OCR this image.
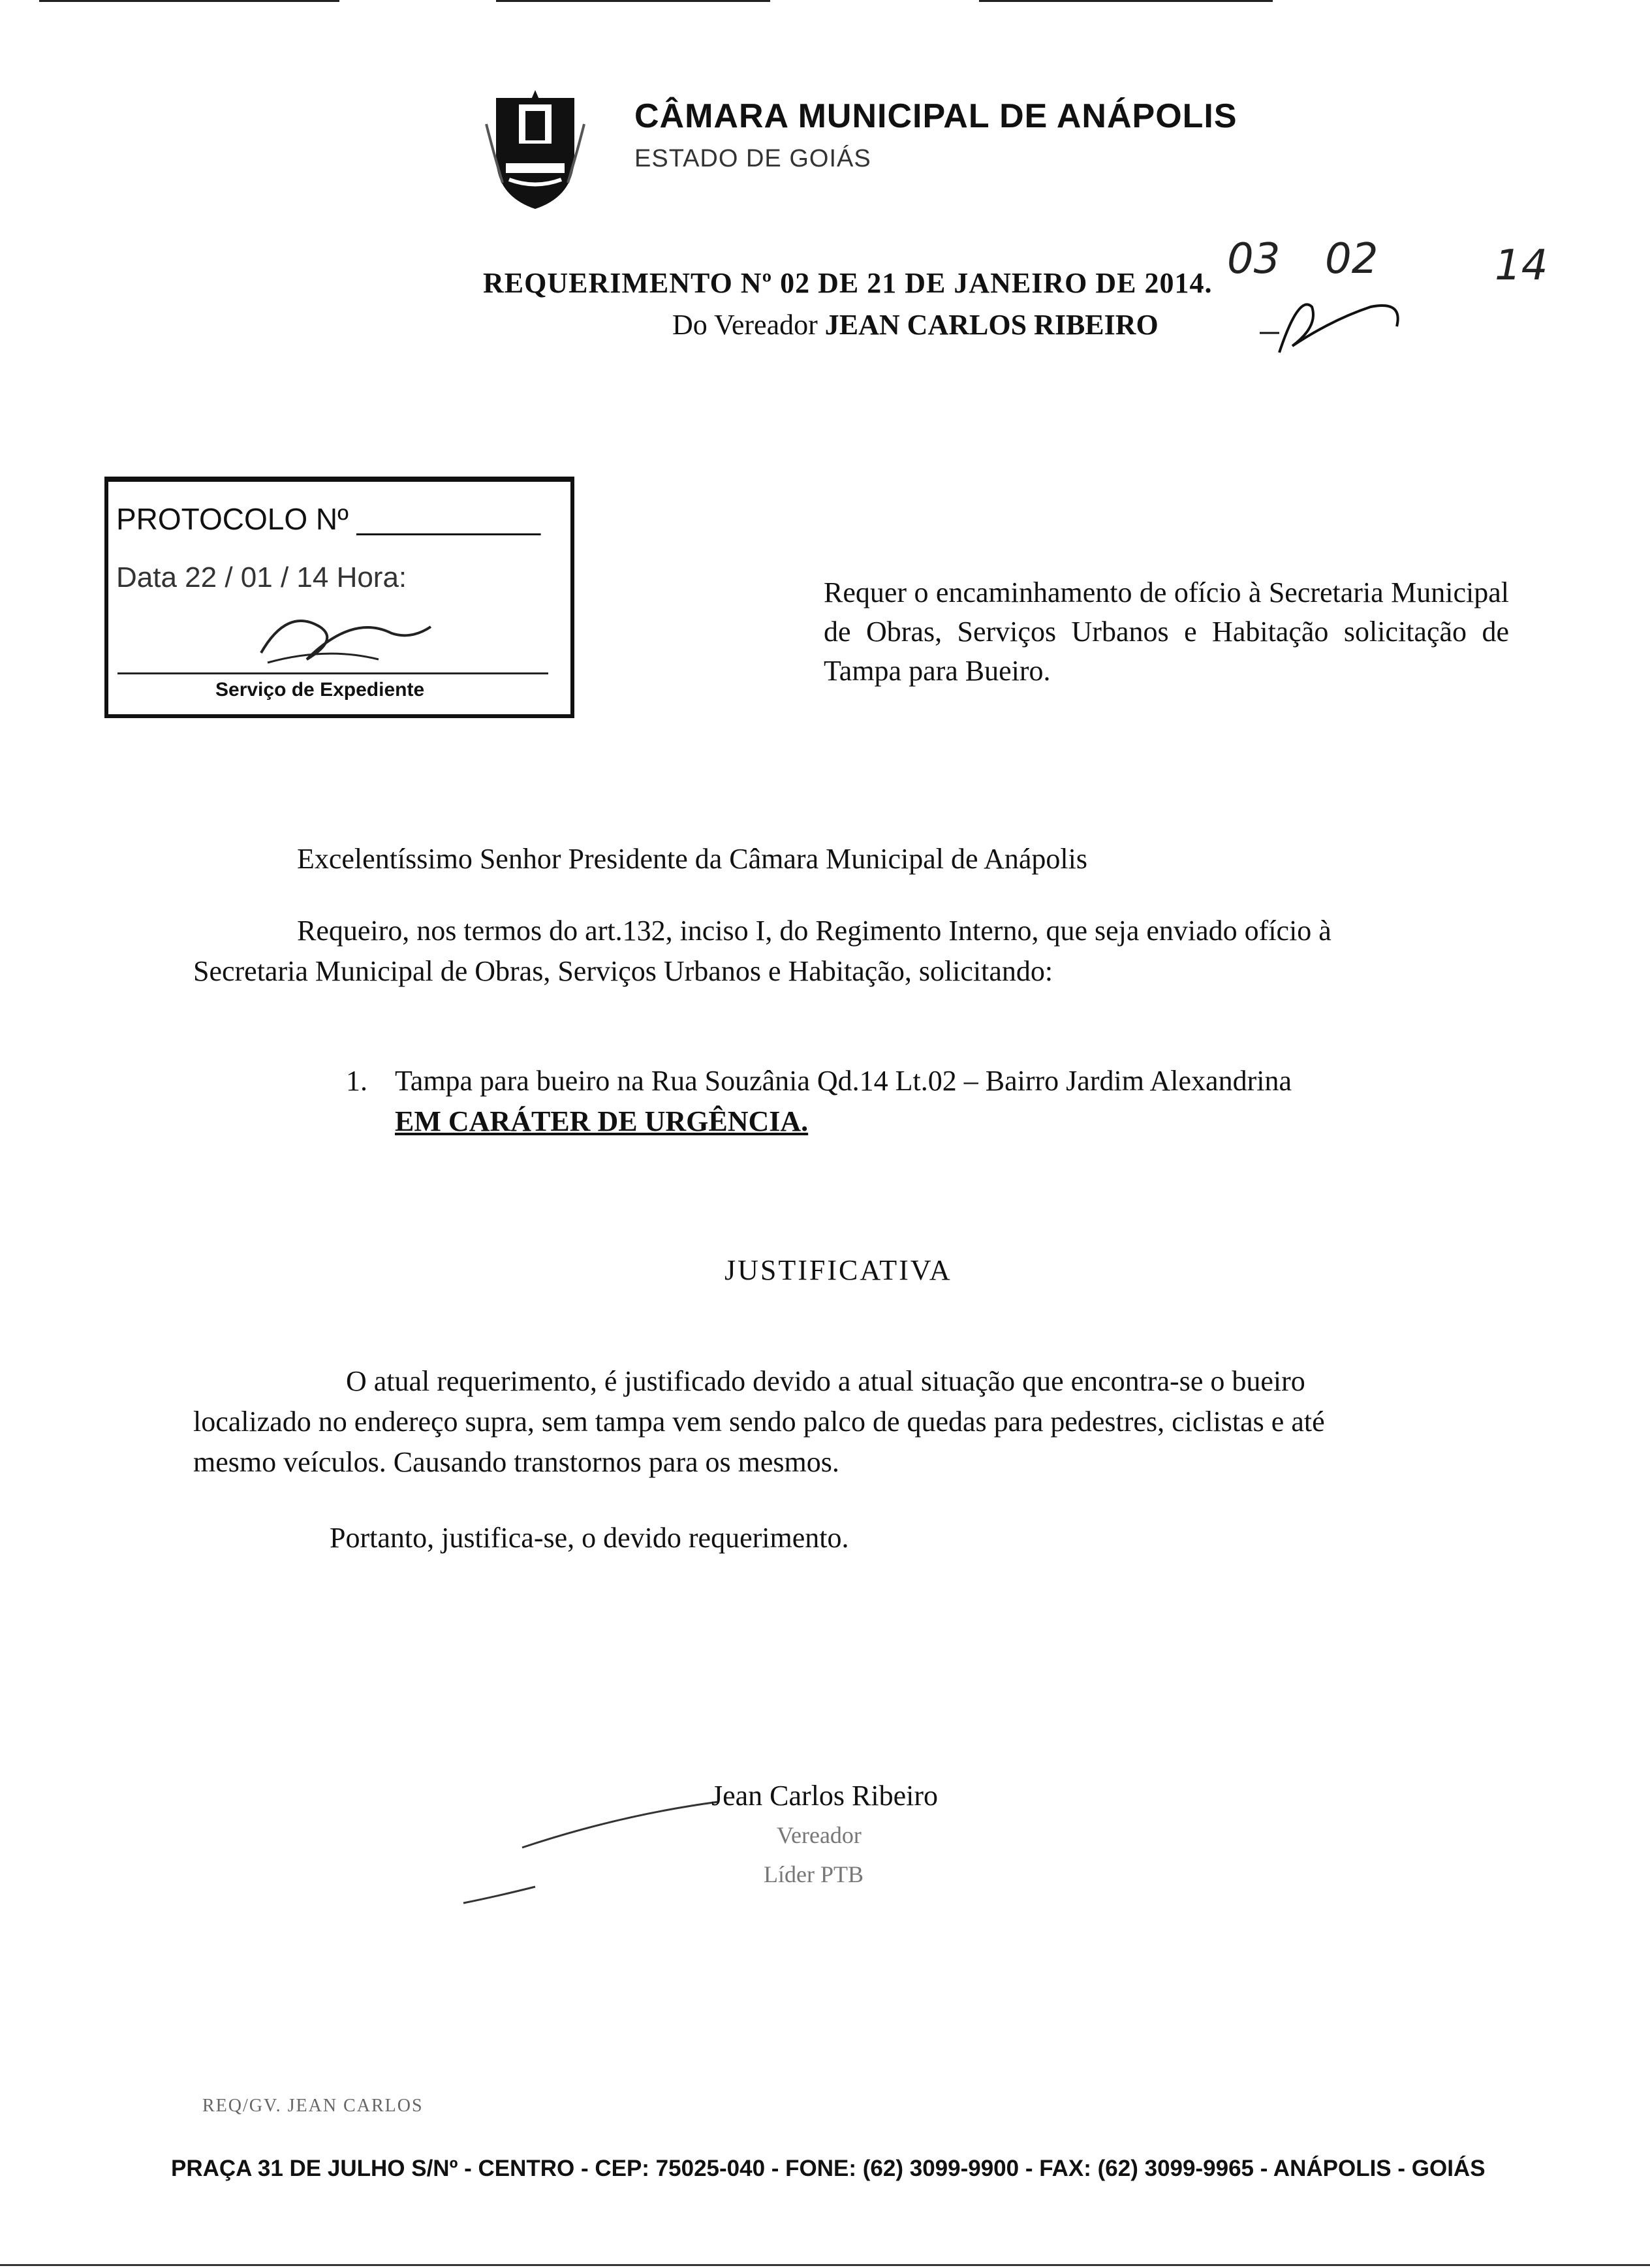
CÂMARA MUNICIPAL DE ANÁPOLIS
ESTADO DE GOIÁS
03 02	14
REQUERIMENTO Nº 02 DE 21 DE JANEIRO DE 2014.
Do Vereador JEAN CARLOS RIBEIRO
PROTOCOLO Nº ___________
Data 22 / 01 / 14 Hora:
Serviço de Expediente
Requer o encaminhamento de ofício à Secretaria Municipal de Obras, Serviços Urbanos e Habitação solicitação de Tampa para Bueiro.
Excelentíssimo Senhor Presidente da Câmara Municipal de Anápolis
Requeiro, nos termos do art.132, inciso I, do Regimento Interno, que seja enviado ofício à
Secretaria Municipal de Obras, Serviços Urbanos e Habitação, solicitando:
1. Tampa para bueiro na Rua Souzânia Qd.14 Lt.02 – Bairro Jardim Alexandrina
EM CARÁTER DE URGÊNCIA.
JUSTIFICATIVA
O atual requerimento, é justificado devido a atual situação que encontra-se o bueiro
localizado no endereço supra, sem tampa vem sendo palco de quedas para pedestres, ciclistas e até
mesmo veículos. Causando transtornos para os mesmos.
Portanto, justifica-se, o devido requerimento.
Jean Carlos Ribeiro
Vereador
Líder PTB
REQ/GV. JEAN CARLOS
PRAÇA 31 DE JULHO S/Nº - CENTRO - CEP: 75025-040 - FONE: (62) 3099-9900 - FAX: (62) 3099-9965 - ANÁPOLIS - GOIÁS
